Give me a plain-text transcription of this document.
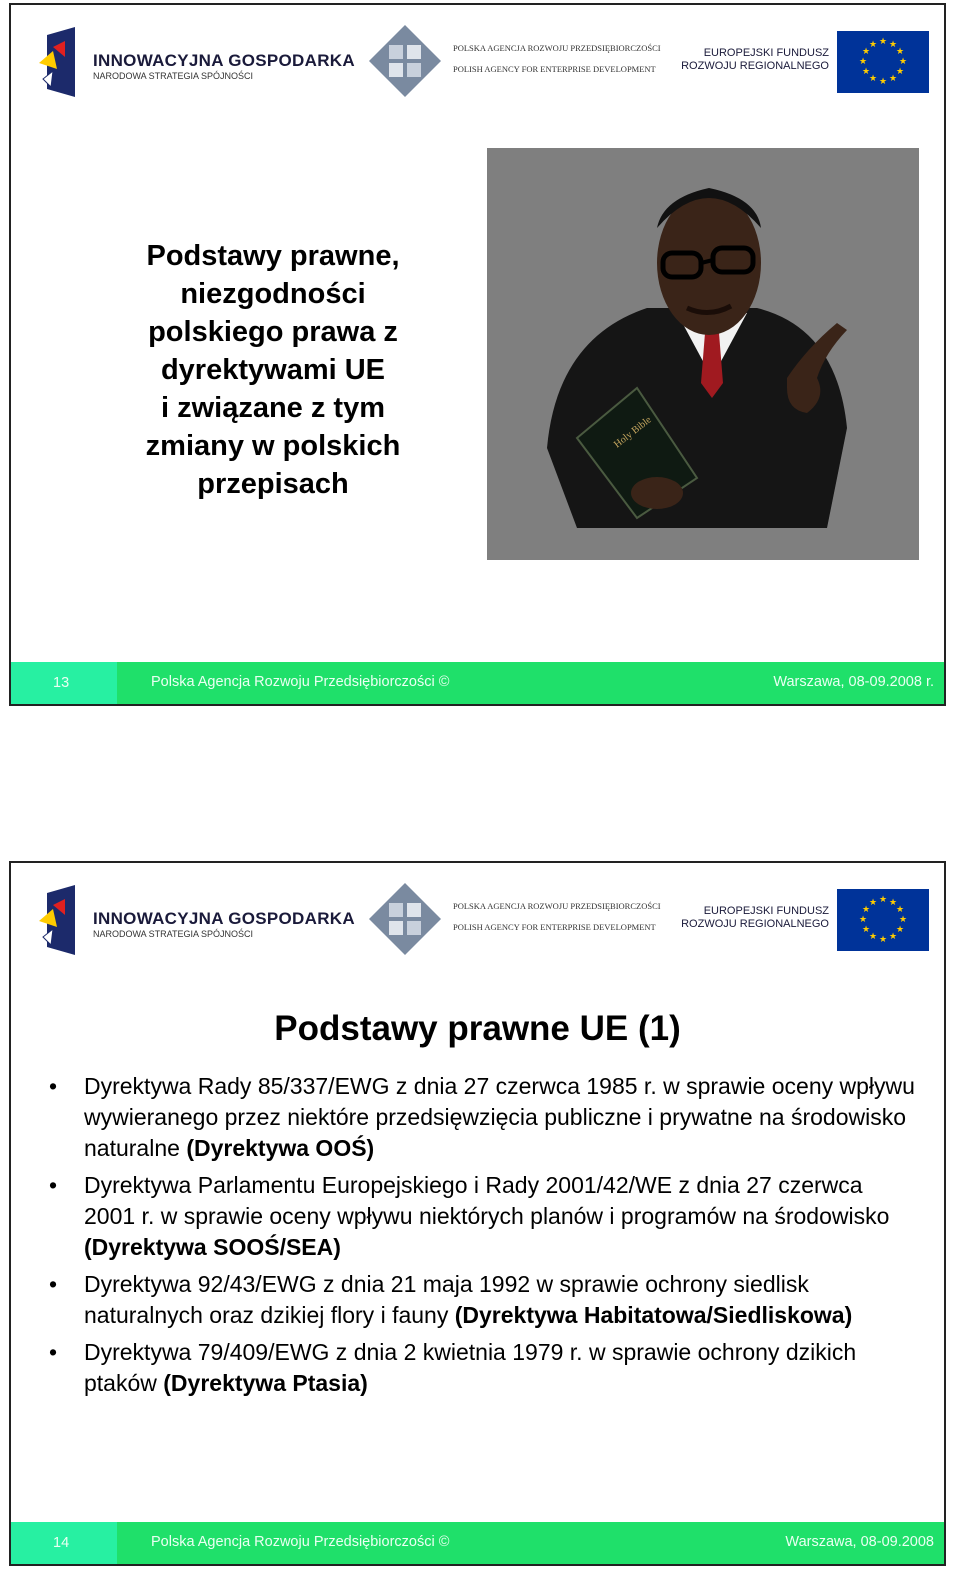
INNOWACYJNA GOSPODARKA
NARODOWA STRATEGIA SPÓJNOŚCI
POLSKA AGENCJA ROZWOJU PRZEDSIĘBIORCZOŚCI
POLISH AGENCY FOR ENTERPRISE DEVELOPMENT
EUROPEJSKI FUNDUSZ
ROZWOJU REGIONALNEGO
★ ★
★
★
★
★
★
★
★
★
★
★
Podstawy prawne,
niezgodności
polskiego prawa z
dyrektywami UE
i związane z tym
zmiany w polskich
przepisach
Holy Bible
13	Polska Agencja Rozwoju Przedsiębiorczości ©	Warszawa, 08-09.2008 r.
INNOWACYJNA GOSPODARKA
NARODOWA STRATEGIA SPÓJNOŚCI
POLSKA AGENCJA ROZWOJU PRZEDSIĘBIORCZOŚCI
POLISH AGENCY FOR ENTERPRISE DEVELOPMENT
EUROPEJSKI FUNDUSZ
ROZWOJU REGIONALNEGO
★ ★
★
★
★
★
★
★
★
★
★
★
Podstawy prawne UE (1)
• Dyrektywa Rady 85/337/EWG z dnia 27 czerwca 1985 r. w sprawie oceny wpływu wywieranego przez niektóre przedsięwzięcia publiczne i prywatne na środowisko naturalne (Dyrektywa OOŚ)
• Dyrektywa Parlamentu Europejskiego i Rady 2001/42/WE z dnia 27 czerwca 2001 r. w sprawie oceny wpływu niektórych planów i programów na środowisko (Dyrektywa SOOŚ/SEA)
• Dyrektywa 92/43/EWG z dnia 21 maja 1992 w sprawie ochrony siedlisk naturalnych oraz dzikiej flory i fauny (Dyrektywa Habitatowa/Siedliskowa)
• Dyrektywa 79/409/EWG z dnia 2 kwietnia 1979 r. w sprawie ochrony dzikich ptaków (Dyrektywa Ptasia)
14	Polska Agencja Rozwoju Przedsiębiorczości ©	Warszawa, 08-09.2008
